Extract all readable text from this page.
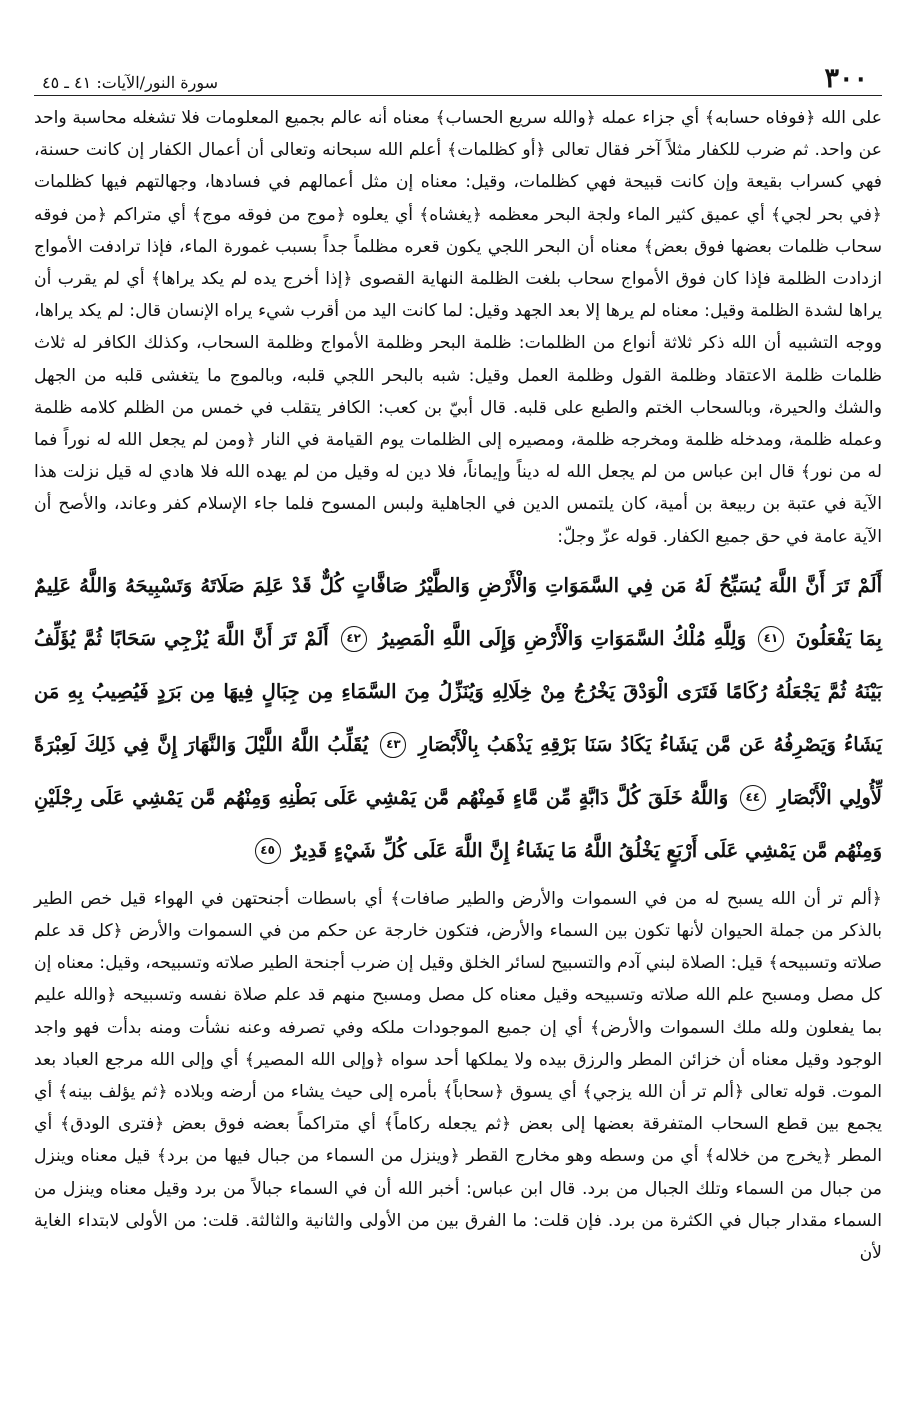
٣٠٠
سورة النور/الآيات: ٤١ ـ ٤٥

على الله ﴿فوفاه حسابه﴾ أي جزاء عمله ﴿والله سريع الحساب﴾ معناه أنه عالم بجميع المعلومات فلا تشغله محاسبة واحد عن واحد. ثم ضرب للكفار مثلاً آخر فقال تعالى ﴿أو كظلمات﴾ أعلم الله سبحانه وتعالى أن أعمال الكفار إن كانت حسنة، فهي كسراب بقيعة وإن كانت قبيحة فهي كظلمات، وقيل: معناه إن مثل أعمالهم في فسادها، وجهالتهم فيها كظلمات ﴿في بحر لجي﴾ أي عميق كثير الماء ولجة البحر معظمه ﴿يغشاه﴾ أي يعلوه ﴿موج من فوقه موج﴾ أي متراكم ﴿من فوقه سحاب ظلمات بعضها فوق بعض﴾ معناه أن البحر اللجي يكون قعره مظلماً جداً بسبب غمورة الماء، فإذا ترادفت الأمواج ازدادت الظلمة فإذا كان فوق الأمواج سحاب بلغت الظلمة النهاية القصوى ﴿إذا أخرج يده لم يكد يراها﴾ أي لم يقرب أن يراها لشدة الظلمة وقيل: معناه لم يرها إلا بعد الجهد وقيل: لما كانت اليد من أقرب شيء يراه الإنسان قال: لم يكد يراها، ووجه التشبيه أن الله ذكر ثلاثة أنواع من الظلمات: ظلمة البحر وظلمة الأمواج وظلمة السحاب، وكذلك الكافر له ثلاث ظلمات ظلمة الاعتقاد وظلمة القول وظلمة العمل وقيل: شبه بالبحر اللجي قلبه، وبالموج ما يتغشى قلبه من الجهل والشك والحيرة، وبالسحاب الختم والطبع على قلبه. قال أبيّ بن كعب: الكافر يتقلب في خمس من الظلم كلامه ظلمة وعمله ظلمة، ومدخله ظلمة ومخرجه ظلمة، ومصيره إلى الظلمات يوم القيامة في النار ﴿ومن لم يجعل الله له نوراً فما له من نور﴾ قال ابن عباس من لم يجعل الله له ديناً وإيماناً، فلا دين له وقيل من لم يهده الله فلا هادي له قيل نزلت هذا الآية في عتبة بن ربيعة بن أمية، كان يلتمس الدين في الجاهلية ولبس المسوح فلما جاء الإسلام كفر وعاند، والأصح أن الآية عامة في حق جميع الكفار. قوله عزّ وجلّ:

أَلَمْ تَرَ أَنَّ اللَّهَ يُسَبِّحُ لَهُ مَن فِي السَّمَوَاتِ وَالْأَرْضِ وَالطَّيْرُ صَافَّاتٍ كُلٌّ قَدْ عَلِمَ صَلَاتَهُ وَتَسْبِيحَهُ وَاللَّهُ عَلِيمٌ بِمَا يَفْعَلُونَ ٤١ وَلِلَّهِ مُلْكُ السَّمَوَاتِ وَالْأَرْضِ وَإِلَى اللَّهِ الْمَصِيرُ ٤٢ أَلَمْ تَرَ أَنَّ اللَّهَ يُزْجِي سَحَابًا ثُمَّ يُؤَلِّفُ بَيْنَهُ ثُمَّ يَجْعَلُهُ رُكَامًا فَتَرَى الْوَدْقَ يَخْرُجُ مِنْ خِلَالِهِ وَيُنَزِّلُ مِنَ السَّمَاءِ مِن جِبَالٍ فِيهَا مِن بَرَدٍ فَيُصِيبُ بِهِ مَن يَشَاءُ وَيَصْرِفُهُ عَن مَّن يَشَاءُ يَكَادُ سَنَا بَرْقِهِ يَذْهَبُ بِالْأَبْصَارِ ٤٣ يُقَلِّبُ اللَّهُ اللَّيْلَ وَالنَّهَارَ إِنَّ فِي ذَلِكَ لَعِبْرَةً لِّأُولِي الْأَبْصَارِ ٤٤ وَاللَّهُ خَلَقَ كُلَّ دَابَّةٍ مِّن مَّاءٍ فَمِنْهُم مَّن يَمْشِي عَلَى بَطْنِهِ وَمِنْهُم مَّن يَمْشِي عَلَى رِجْلَيْنِ وَمِنْهُم مَّن يَمْشِي عَلَى أَرْبَعٍ يَخْلُقُ اللَّهُ مَا يَشَاءُ إِنَّ اللَّهَ عَلَى كُلِّ شَيْءٍ قَدِيرٌ ٤٥

﴿ألم تر أن الله يسبح له من في السموات والأرض والطير صافات﴾ أي باسطات أجنحتهن في الهواء قيل خص الطير بالذكر من جملة الحيوان لأنها تكون بين السماء والأرض، فتكون خارجة عن حكم من في السموات والأرض ﴿كل قد علم صلاته وتسبيحه﴾ قيل: الصلاة لبني آدم والتسبيح لسائر الخلق وقيل إن ضرب أجنحة الطير صلاته وتسبيحه، وقيل: معناه إن كل مصل ومسبح علم الله صلاته وتسبيحه وقيل معناه كل مصل ومسبح منهم قد علم صلاة نفسه وتسبيحه ﴿والله عليم بما يفعلون ولله ملك السموات والأرض﴾ أي إن جميع الموجودات ملكه وفي تصرفه وعنه نشأت ومنه بدأت فهو واجد الوجود وقيل معناه أن خزائن المطر والرزق بيده ولا يملكها أحد سواه ﴿وإلى الله المصير﴾ أي وإلى الله مرجع العباد بعد الموت. قوله تعالى ﴿ألم تر أن الله يزجي﴾ أي يسوق ﴿سحاباً﴾ بأمره إلى حيث يشاء من أرضه وبلاده ﴿ثم يؤلف بينه﴾ أي يجمع بين قطع السحاب المتفرقة بعضها إلى بعض ﴿ثم يجعله ركاماً﴾ أي متراكماً بعضه فوق بعض ﴿فترى الودق﴾ أي المطر ﴿يخرج من خلاله﴾ أي من وسطه وهو مخارج القطر ﴿وينزل من السماء من جبال فيها من برد﴾ قيل معناه وينزل من جبال من السماء وتلك الجبال من برد. قال ابن عباس: أخبر الله أن في السماء جبالاً من برد وقيل معناه وينزل من السماء مقدار جبال في الكثرة من برد. فإن قلت: ما الفرق بين من الأولى والثانية والثالثة. قلت: من الأولى لابتداء الغاية لأن
